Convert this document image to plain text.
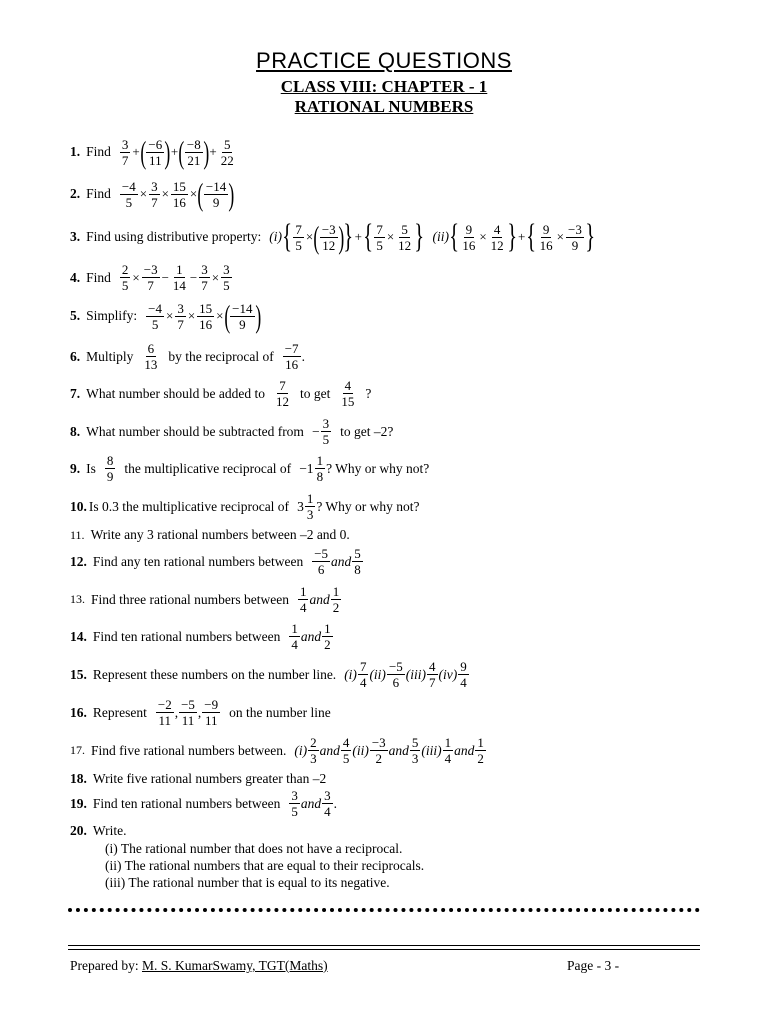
PRACTICE QUESTIONS
CLASS VIII: CHAPTER - 1
RATIONAL NUMBERS
1. Find $\frac{3}{7}$ + ( $\frac{-6}{11}$ ) + ( $\frac{-8}{21}$ ) + $\frac{5}{22}$
2. Find $\frac{-4}{5} \times \frac{3}{7} \times \frac{15}{16}$ × ( $\frac{-14}{9}$ )
3. Find using distributive property: (i) { $\frac{7}{5}$ × ( $\frac{-3}{12}$ ) } + { $\frac{7}{5} \times \frac{5}{12}$ } (ii) { $\frac{9}{16} \times \frac{4}{12}$ } + { $\frac{9}{16} \times \frac{-3}{9}$ }
4. Find $\frac{2}{5} \times \frac{-3}{7} - \frac{1}{14} - \frac{3}{7} \times \frac{3}{5}$
5. Simplify: $\frac{-4}{5} \times \frac{3}{7} \times \frac{15}{16}$ × ( $\frac{-14}{9}$ )
6. Multiply $\frac{6}{13}$ by the reciprocal of $\frac{-7}{16}$ .
7. What number should be added to $\frac{7}{12}$ to get $\frac{4}{15}$ ?
8. What number should be subtracted from − $\frac{3}{5}$ to get –2?
9. Is $\frac{8}{9}$ the multiplicative reciprocal of $-1 \frac{1}{8}$ ? Why or why not?
10. Is 0.3 the multiplicative reciprocal of $3 \frac{1}{3}$ ? Why or why not?
11. Write any 3 rational numbers between –2 and 0.
12. Find any ten rational numbers between $\frac{-5}{6}$ and $\frac{5}{8}$
13. Find three rational numbers between $\frac{1}{4}$ and $\frac{1}{2}$
14. Find ten rational numbers between $\frac{1}{4}$ and $\frac{1}{2}$
15. Represent these numbers on the number line. $(i) \frac{7}{4} (ii) \frac{-5}{6} (iii) \frac{4}{7} (iv) \frac{9}{4}$
16. Represent $\frac{-2}{11}$ , $\frac{-5}{11}$ , $\frac{-9}{11}$ on the number line
17. Find five rational numbers between. $(i) \frac{2}{3}$ and $\frac{4}{5} (ii) \frac{-3}{2}$ and $\frac{5}{3} (iii) \frac{1}{4}$ and $\frac{1}{2}$
18. Write five rational numbers greater than –2
19. Find ten rational numbers between $\frac{3}{5}$ and $\frac{3}{4}$ .
20. Write.
(i) The rational number that does not have a reciprocal.
(ii) The rational numbers that are equal to their reciprocals.
(iii) The rational number that is equal to its negative.
Prepared by: M. S. KumarSwamy, TGT(Maths)	Page - 3 -
